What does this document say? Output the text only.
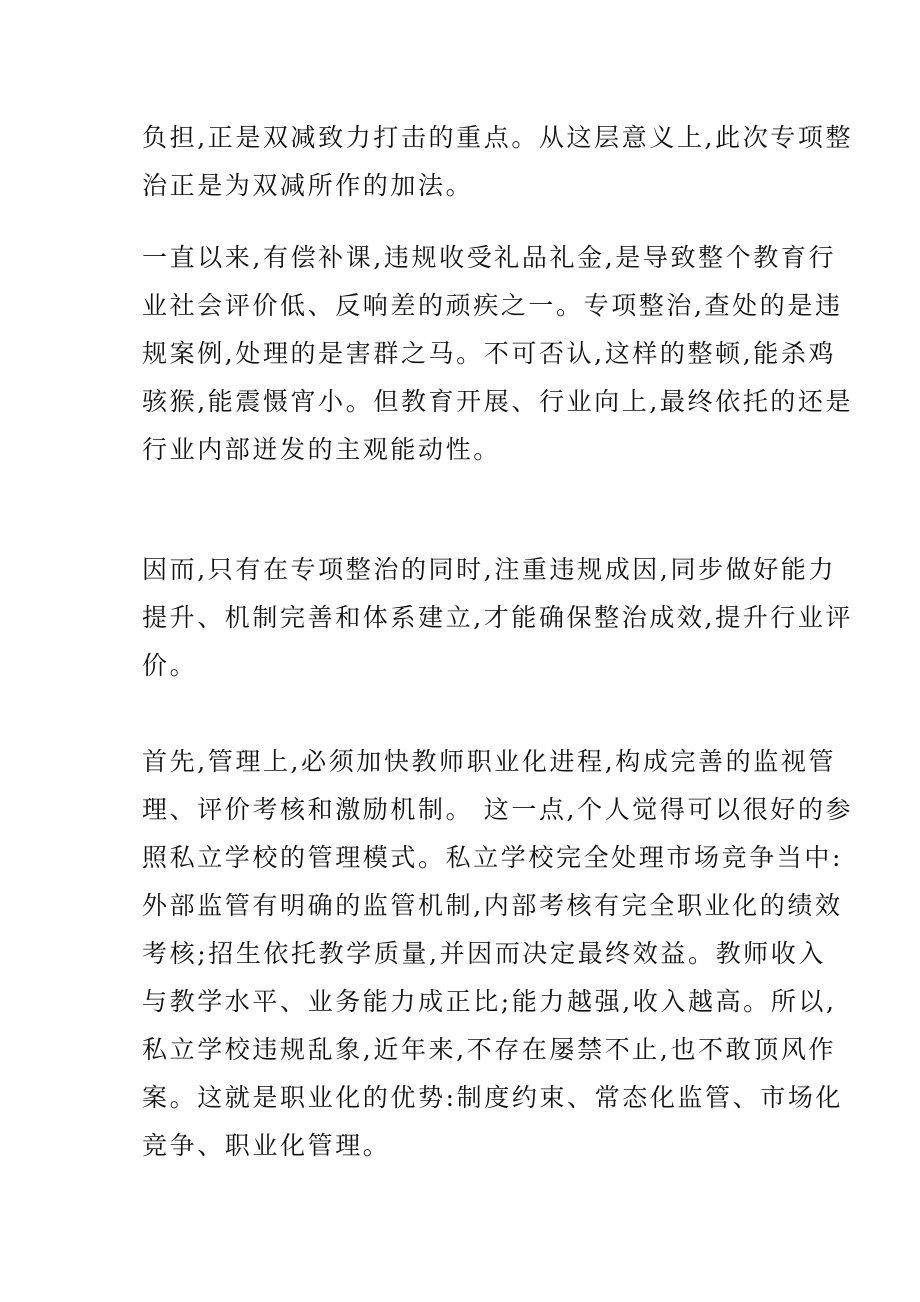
负担,正是双减致力打击的重点。从这层意义上,此次专项整
治正是为双减所作的加法。
一直以来,有偿补课,违规收受礼品礼金,是导致整个教育行
业社会评价低、反响差的顽疾之一。专项整治,查处的是违
规案例,处理的是害群之马。不可否认,这样的整顿,能杀鸡
骇猴,能震慑宵小。但教育开展、行业向上,最终依托的还是
行业内部迸发的主观能动性。
因而,只有在专项整治的同时,注重违规成因,同步做好能力
提升、机制完善和体系建立,才能确保整治成效,提升行业评
价。
首先,管理上,必须加快教师职业化进程,构成完善的监视管
理、评价考核和激励机制。 这一点,个人觉得可以很好的参
照私立学校的管理模式。私立学校完全处理市场竞争当中:
外部监管有明确的监管机制,内部考核有完全职业化的绩效
考核;招生依托教学质量,并因而决定最终效益。教师收入
与教学水平、业务能力成正比;能力越强,收入越高。所以,
私立学校违规乱象,近年来,不存在屡禁不止,也不敢顶风作
案。这就是职业化的优势:制度约束、常态化监管、市场化
竞争、职业化管理。
